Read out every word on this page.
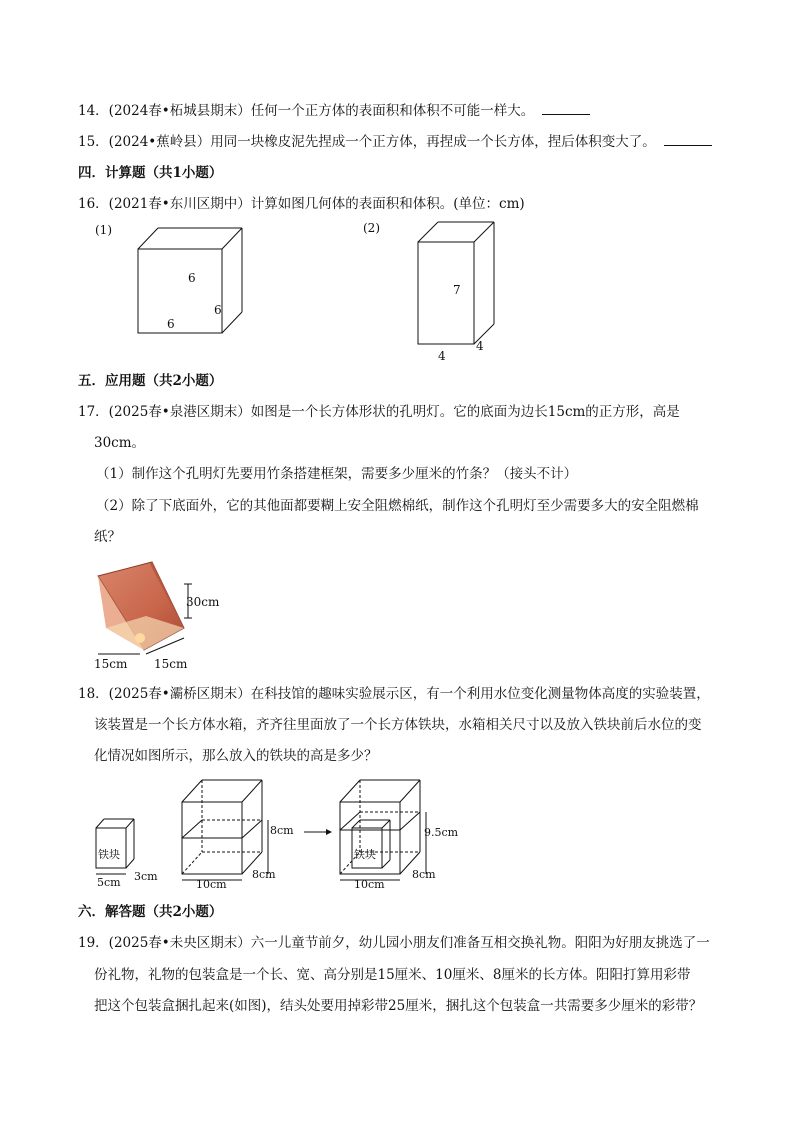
14．(2024春•柘城县期末）任何一个正方体的表面积和体积不可能一样大。
15．(2024•蕉岭县）用同一块橡皮泥先捏成一个正方体，再捏成一个长方体，捏后体积变大了。
四．计算题（共1小题）
16．(2021春•东川区期中）计算如图几何体的表面积和体积。(单位：cm)
(1)
6
6
6
(2)
7
4
4
五．应用题（共2小题）
17．(2025春•泉港区期末）如图是一个长方体形状的孔明灯。它的底面为边长15cm的正方形，高是
30cm。
（1）制作这个孔明灯先要用竹条搭建框架，需要多少厘米的竹条？（接头不计）
（2）除了下底面外，它的其他面都要糊上安全阻燃棉纸，制作这个孔明灯至少需要多大的安全阻燃棉
纸？
30cm
15cm 15cm
18．(2025春•灞桥区期末）在科技馆的趣味实验展示区，有一个利用水位变化测量物体高度的实验装置，
该装置是一个长方体水箱，齐齐往里面放了一个长方体铁块，水箱相关尺寸以及放入铁块前后水位的变
化情况如图所示，那么放入的铁块的高是多少？
铁块
5cm 3cm
8cm
10cm
8cm
铁块
9.5cm
10cm
8cm
六．解答题（共2小题）
19．(2025春•未央区期末）六一儿童节前夕，幼儿园小朋友们准备互相交换礼物。阳阳为好朋友挑选了一
份礼物，礼物的包装盒是一个长、宽、高分别是15厘米、10厘米、8厘米的长方体。阳阳打算用彩带
把这个包装盒捆扎起来(如图)，结头处要用掉彩带25厘米，捆扎这个包装盒一共需要多少厘米的彩带？
